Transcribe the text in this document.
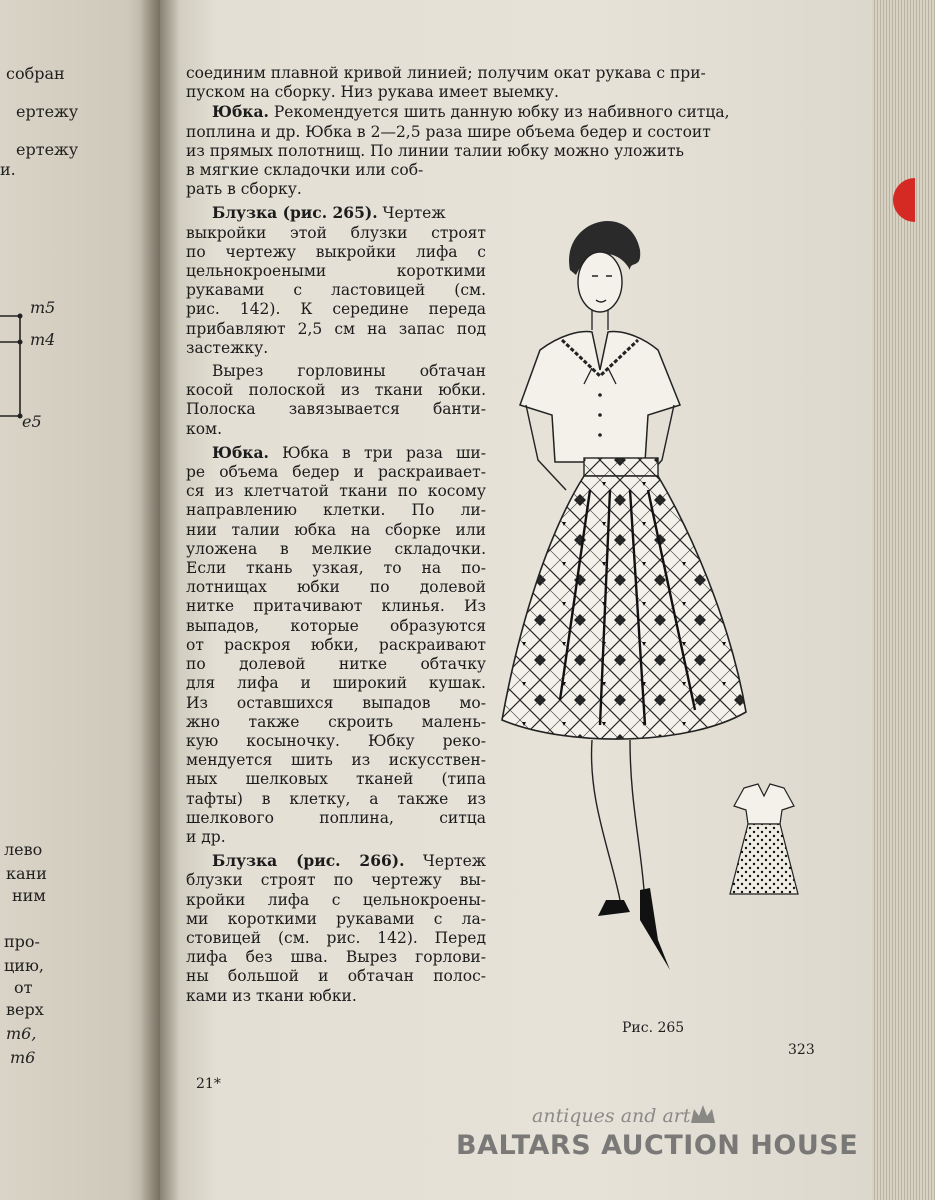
собран
ертежу
ертежу
и.
m5
m4
e5
лево
кани
ним
про-
цию,
от
верх
m6,
m6
соединим плавной кривой линией; получим окат рукава с при-
пуском на сборку. Низ рукава имеет выемку.
Юбка. Рекомендуется шить данную юбку из набивного ситца,
поплина и др. Юбка в 2—2,5 раза шире объема бедер и состоит
из прямых полотнищ. По линии талии юбку можно уложить
в мягкие складочки или соб-
рать в сборку.
Блузка (рис. 265). Чертеж
выкройки этой блузки строят
по чертежу выкройки лифа с
цельнокроеными короткими
рукавами с ластовицей (см.
рис. 142). К середине переда
прибавляют 2,5 см на запас под
застежку.
Вырез горловины обтачан
косой полоской из ткани юбки.
Полоска завязывается банти-
ком.
Юбка. Юбка в три раза ши-
ре объема бедер и раскраивает-
ся из клетчатой ткани по косому
направлению клетки. По ли-
нии талии юбка на сборке или
уложена в мелкие складочки.
Если ткань узкая, то на по-
лотнищах юбки по долевой
нитке притачивают клинья. Из
выпадов, которые образуются
от раскроя юбки, раскраивают
по долевой нитке обтачку
для лифа и широкий кушак.
Из оставшихся выпадов мо-
жно также скроить малень-
кую косыночку. Юбку реко-
мендуется шить из искусствен-
ных шелковых тканей (типа
тафты) в клетку, а также из
шелкового поплина, ситца
и др.
Блузка (рис. 266). Чертеж
блузки строят по чертежу вы-
кройки лифа с цельнокроены-
ми короткими рукавами с ла-
стовицей (см. рис. 142). Перед
лифа без шва. Вырез горлови-
ны большой и обтачан полос-
ками из ткани юбки.
Рис. 265
323
21*
antiques and art
BALTARS AUCTION HOUSE
